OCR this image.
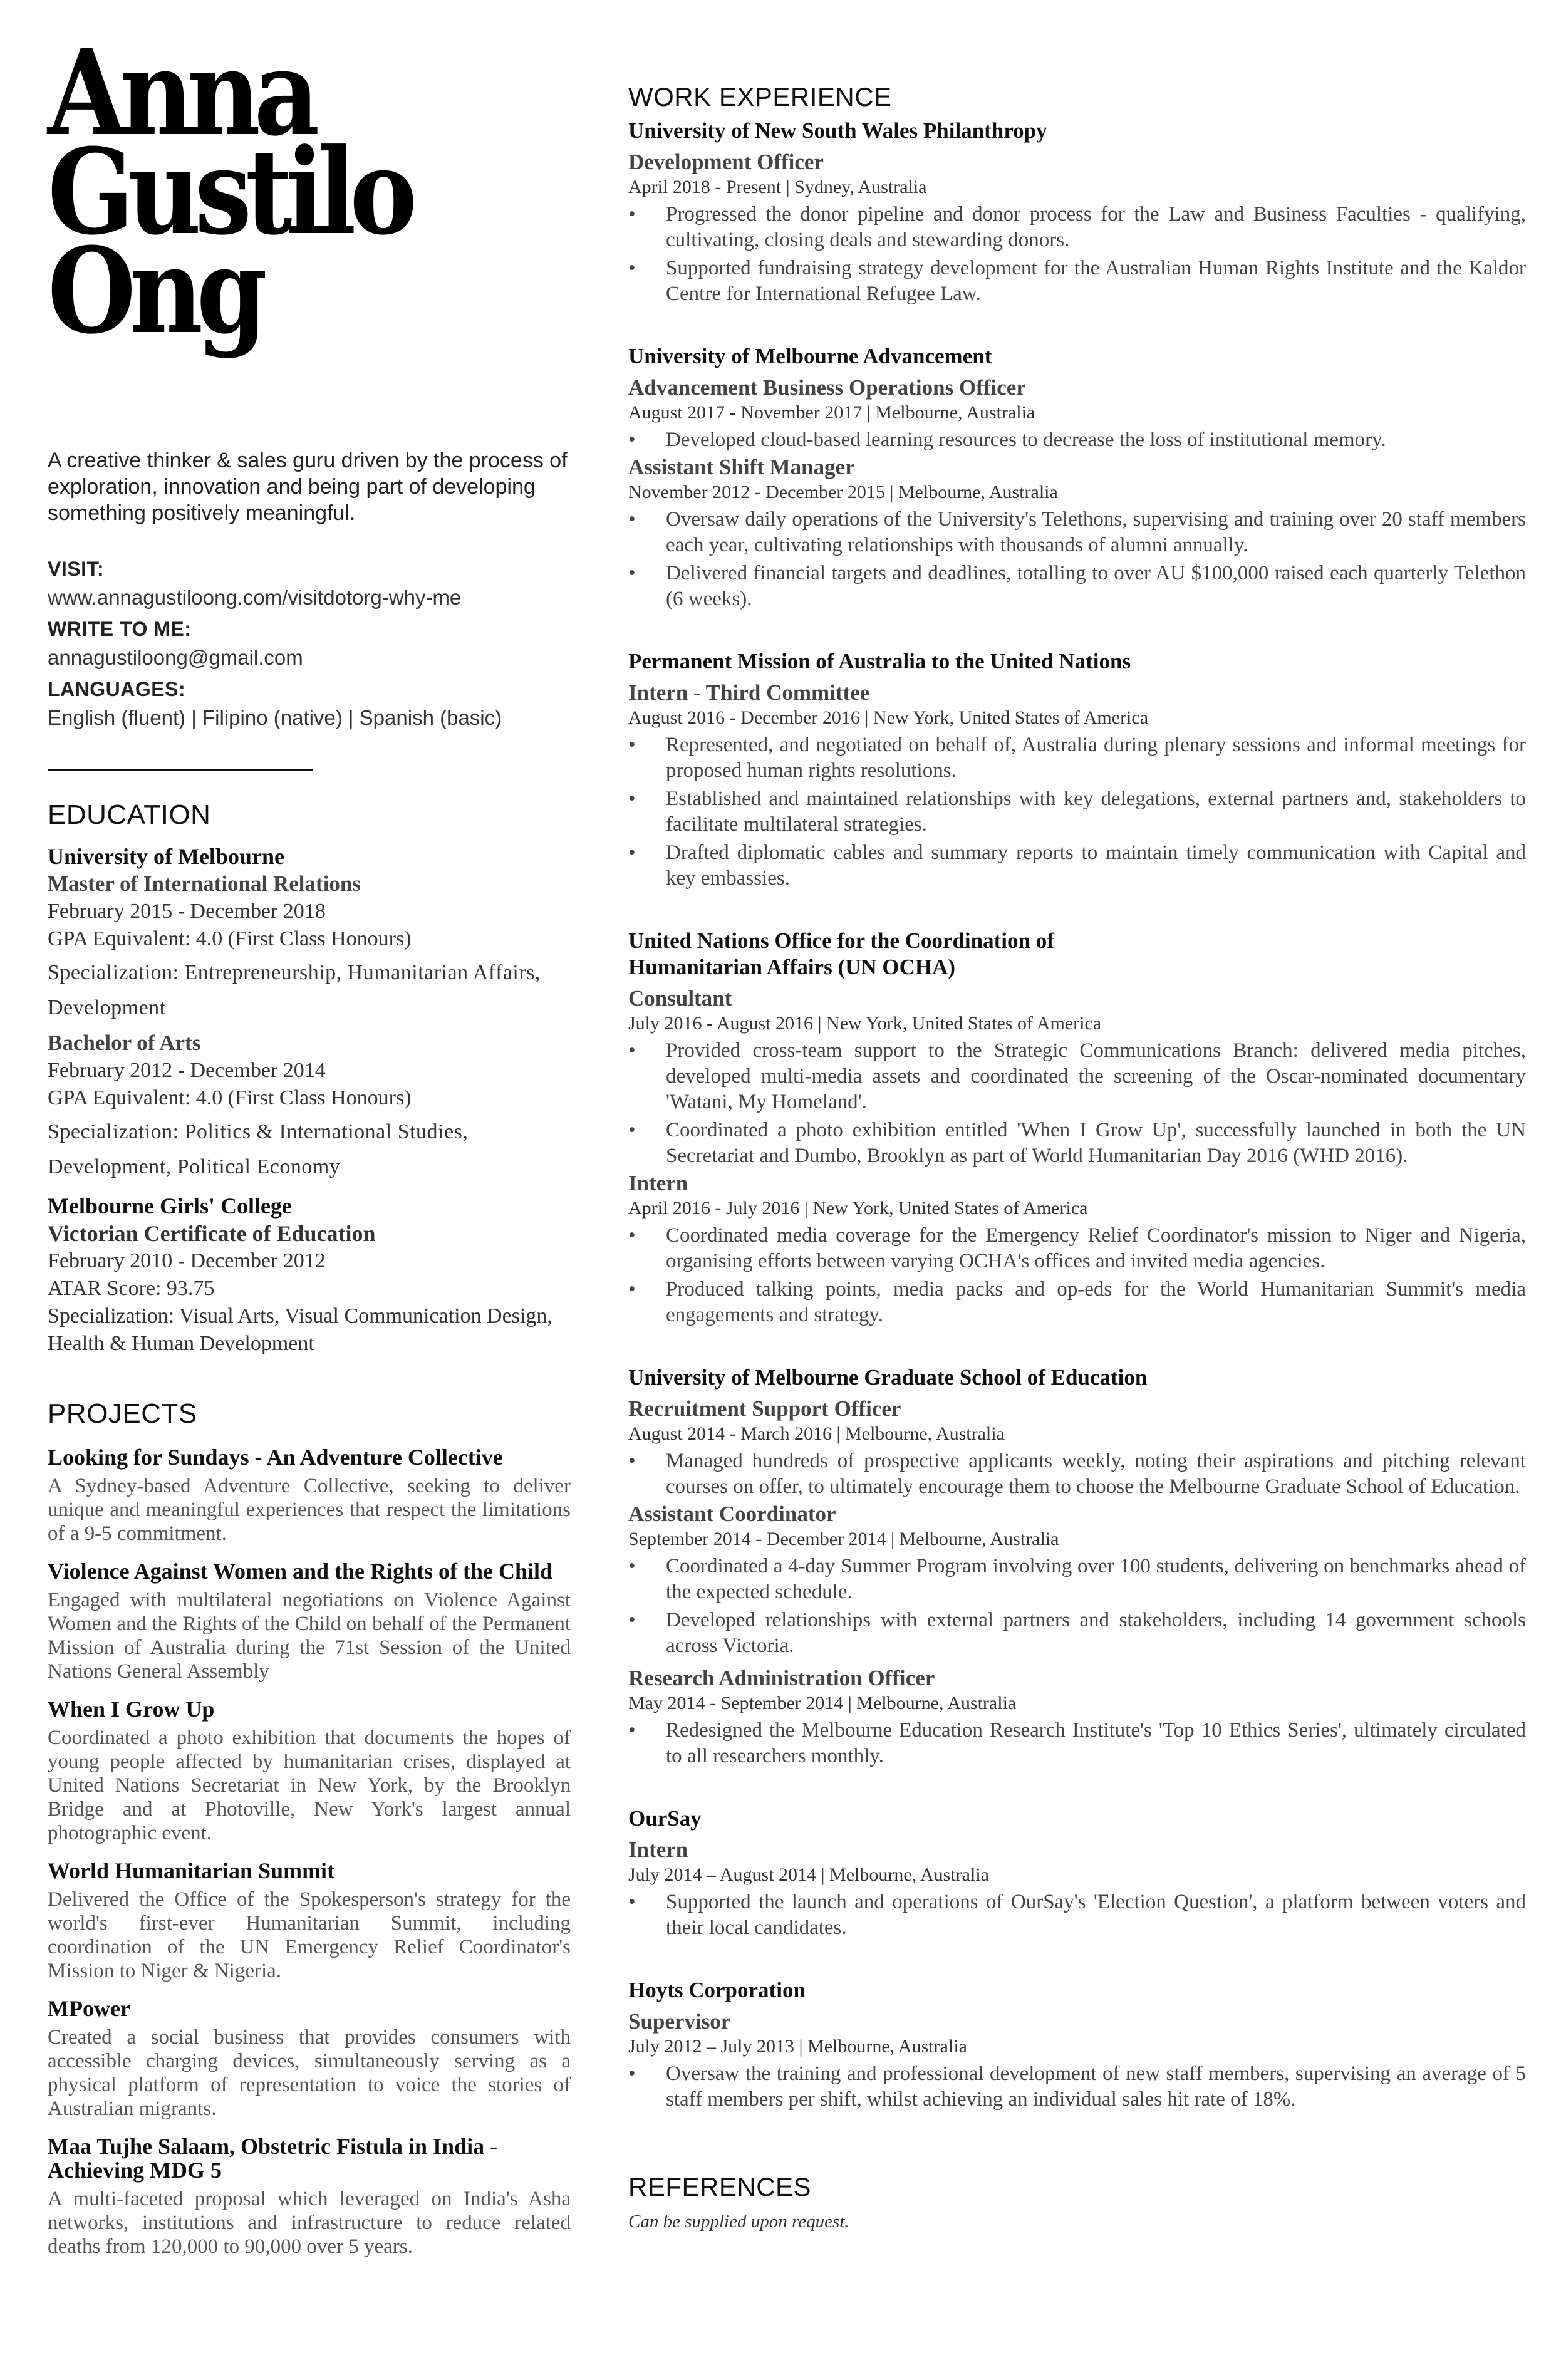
Anna
Gustilo
Ong
A creative thinker & sales guru driven by the process of exploration, innovation and being part of developing something positively meaningful.
VISIT:
www.annagustiloong.com/visitdotorg-why-me
WRITE TO ME:
annagustiloong@gmail.com
LANGUAGES:
English (fluent) | Filipino (native) | Spanish (basic)
EDUCATION
University of Melbourne
Master of International Relations
February 2015 - December 2018
GPA Equivalent: 4.0 (First Class Honours)
Specialization: Entrepreneurship, Humanitarian Affairs, Development
Bachelor of Arts
February 2012 - December 2014
GPA Equivalent: 4.0 (First Class Honours)
Specialization: Politics & International Studies, Development, Political Economy
Melbourne Girls' College
Victorian Certificate of Education
February 2010 - December 2012
ATAR Score: 93.75
Specialization: Visual Arts, Visual Communication Design, Health & Human Development
PROJECTS
Looking for Sundays - An Adventure Collective
A Sydney-based Adventure Collective, seeking to deliver unique and meaningful experiences that respect the limitations of a 9-5 commitment.
Violence Against Women and the Rights of the Child
Engaged with multilateral negotiations on Violence Against Women and the Rights of the Child on behalf of the Permanent Mission of Australia during the 71st Session of the United Nations General Assembly
When I Grow Up
Coordinated a photo exhibition that documents the hopes of young people affected by humanitarian crises, displayed at United Nations Secretariat in New York, by the Brooklyn Bridge and at Photoville, New York's largest annual photographic event.
World Humanitarian Summit
Delivered the Office of the Spokesperson's strategy for the world's first-ever Humanitarian Summit, including coordination of the UN Emergency Relief Coordinator's Mission to Niger & Nigeria.
MPower
Created a social business that provides consumers with accessible charging devices, simultaneously serving as a physical platform of representation to voice the stories of Australian migrants.
Maa Tujhe Salaam, Obstetric Fistula in India - Achieving MDG 5
A multi-faceted proposal which leveraged on India's Asha networks, institutions and infrastructure to reduce related deaths from 120,000 to 90,000 over 5 years.
WORK EXPERIENCE
University of New South Wales Philanthropy
Development Officer
April 2018 - Present | Sydney, Australia
• Progressed the donor pipeline and donor process for the Law and Business Faculties - qualifying, cultivating, closing deals and stewarding donors.
• Supported fundraising strategy development for the Australian Human Rights Institute and the Kaldor Centre for International Refugee Law.
University of Melbourne Advancement
Advancement Business Operations Officer
August 2017 - November 2017 | Melbourne, Australia
• Developed cloud-based learning resources to decrease the loss of institutional memory.
Assistant Shift Manager
November 2012 - December 2015 | Melbourne, Australia
• Oversaw daily operations of the University's Telethons, supervising and training over 20 staff members each year, cultivating relationships with thousands of alumni annually.
• Delivered financial targets and deadlines, totalling to over AU $100,000 raised each quarterly Telethon (6 weeks).
Permanent Mission of Australia to the United Nations
Intern - Third Committee
August 2016 - December 2016 | New York, United States of America
• Represented, and negotiated on behalf of, Australia during plenary sessions and informal meetings for proposed human rights resolutions.
• Established and maintained relationships with key delegations, external partners and, stakeholders to facilitate multilateral strategies.
• Drafted diplomatic cables and summary reports to maintain timely communication with Capital and key embassies.
United Nations Office for the Coordination of Humanitarian Affairs (UN OCHA)
Consultant
July 2016 - August 2016 | New York, United States of America
• Provided cross-team support to the Strategic Communications Branch: delivered media pitches, developed multi-media assets and coordinated the screening of the Oscar-nominated documentary 'Watani, My Homeland'.
• Coordinated a photo exhibition entitled 'When I Grow Up', successfully launched in both the UN Secretariat and Dumbo, Brooklyn as part of World Humanitarian Day 2016 (WHD 2016).
Intern
April 2016 - July 2016 | New York, United States of America
• Coordinated media coverage for the Emergency Relief Coordinator's mission to Niger and Nigeria, organising efforts between varying OCHA's offices and invited media agencies.
• Produced talking points, media packs and op-eds for the World Humanitarian Summit's media engagements and strategy.
University of Melbourne Graduate School of Education
Recruitment Support Officer
August 2014 - March 2016 | Melbourne, Australia
• Managed hundreds of prospective applicants weekly, noting their aspirations and pitching relevant courses on offer, to ultimately encourage them to choose the Melbourne Graduate School of Education.
Assistant Coordinator
September 2014 - December 2014 | Melbourne, Australia
• Coordinated a 4-day Summer Program involving over 100 students, delivering on benchmarks ahead of the expected schedule.
• Developed relationships with external partners and stakeholders, including 14 government schools across Victoria.
Research Administration Officer
May 2014 - September 2014 | Melbourne, Australia
• Redesigned the Melbourne Education Research Institute's 'Top 10 Ethics Series', ultimately circulated to all researchers monthly.
OurSay
Intern
July 2014 – August 2014 | Melbourne, Australia
• Supported the launch and operations of OurSay's 'Election Question', a platform between voters and their local candidates.
Hoyts Corporation
Supervisor
July 2012 – July 2013 | Melbourne, Australia
• Oversaw the training and professional development of new staff members, supervising an average of 5 staff members per shift, whilst achieving an individual sales hit rate of 18%.
REFERENCES
Can be supplied upon request.
